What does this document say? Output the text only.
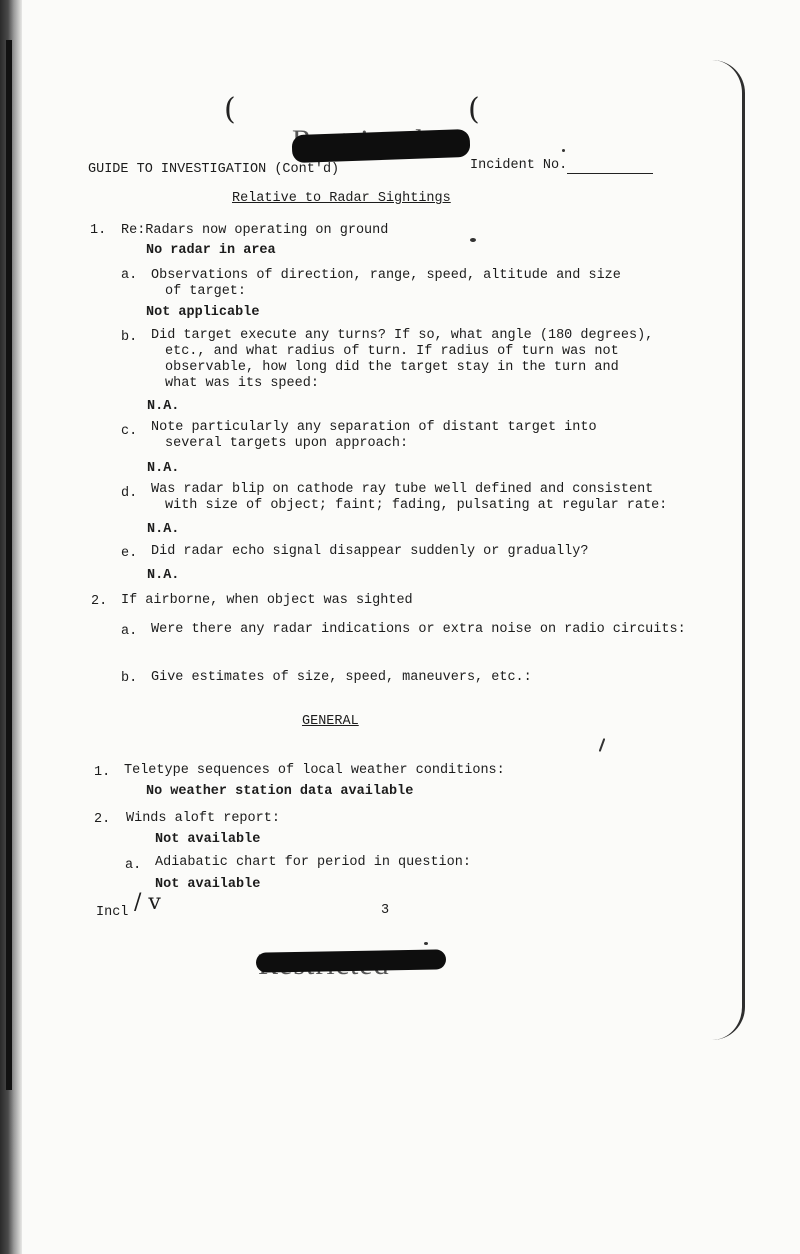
(	(
GUIDE TO INVESTIGATION (Cont'd)	Incident No.
Relative to Radar Sightings
1. Re:Radars now operating on ground
No radar in area
a. Observations of direction, range, speed, altitude and size
of target:
Not applicable
b. Did target execute any turns? If so, what angle (180 degrees),
etc., and what radius of turn. If radius of turn was not
observable, how long did the target stay in the turn and
what was its speed:
N.A.
c. Note particularly any separation of distant target into
several targets upon approach:
N.A.
d. Was radar blip on cathode ray tube well defined and consistent
with size of object; faint; fading, pulsating at regular rate:
N.A.
e. Did radar echo signal disappear suddenly or gradually?
N.A.
2. If airborne, when object was sighted
a. Were there any radar indications or extra noise on radio circuits:
b. Give estimates of size, speed, maneuvers, etc.:
GENERAL
1. Teletype sequences of local weather conditions:
No weather station data available
2. Winds aloft report:
Not available
a. Adiabatic chart for period in question:
Not available
Incl / v	3
